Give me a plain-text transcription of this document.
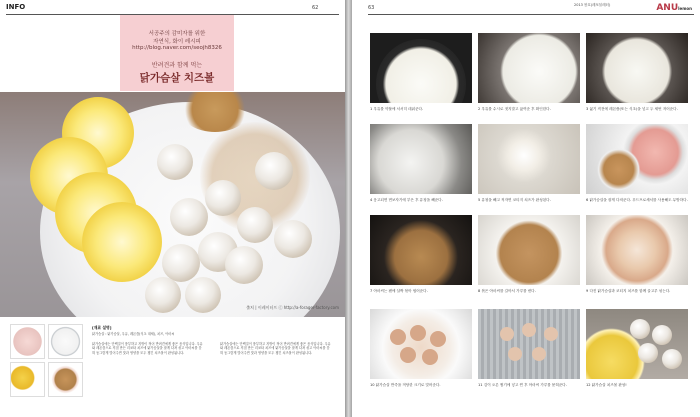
INFO	62
서공주의 감미자를 위한
자연식, 화이 레시피
http://blog.naver.com/seojh8326
반려견과 함께 먹는
닭가슴살 치즈볼
출처 | 이레이터프 ⓒ http://a-forager-factory.com
[재료 설명]
닭가슴살 : 닭가슴살, 우유, 레몬즙(식초 대체), 치즈, 아마씨
닭가슴살에는 단백질이 풍부하고 지방이 적어 반려견에게 좋은 음식입니다. 우유와 레몬즙으로 직접 만든 리코타 치즈에 닭가슴살을 잘게 다져 섞고 아마씨를 묻혀 동그랗게 빚어주면 맛과 영양을 모두 챙긴 치즈볼이 완성됩니다.
닭가슴살에는 단백질이 풍부하고 지방이 적어 반려견에게 좋은 음식입니다. 우유와 레몬즙으로 직접 만든 리코타 치즈에 닭가슴살을 잘게 다져 섞고 아마씨를 묻혀 동그랗게 빚어주면 맛과 영양을 모두 챙긴 치즈볼이 완성됩니다.
63	2013 봄호(레포블레터)	ANUlemon
1 우유를 약불에 서서히 데워준다.	2 우유를 수시로 젓지말고 끓여준 후 확인한다.	3 꿇기 직전에 레몬즙(또는 식초)을 넣고 두 세번 저어준다.
4 응고되면 면보자기에 부은 후 유청을 빼준다.	5 유청을 빼고 직자면 코티지 치즈가 완성된다.	6 닭가슴살을 잘게 다져준다. 푸드프로세서를 사용해도 무방하다.
7 아마씨는 팬에 살짝 볶아 씹어준다.	8 볶은 아마씨를 갈아서 가루를 낸다.	9 다진 닭가슴살과 코티지 치즈를 함께 골고루 섞는다.
10 닭가슴살 반죽을 적당한 크기로 빚어준다.	11 김이 오른 찜기에 넣고 찐 후 아마씨 가루를 묻혀준다.	12 닭가슴살 치즈볼 완성!
